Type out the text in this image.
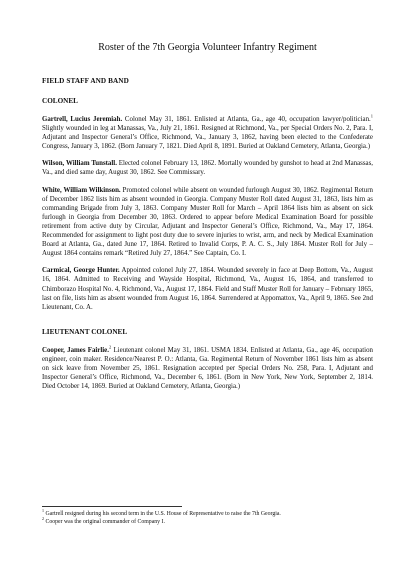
Roster of the 7th Georgia Volunteer Infantry Regiment
FIELD STAFF AND BAND
COLONEL

Gartrell, Lucius Jeremiah. Colonel May 31, 1861. Enlisted at Atlanta, Ga., age 40, occupation lawyer/politician.$^1$ Slightly wounded in leg at Manassas, Va., July 21, 1861. Resigned at Richmond, Va., per Special Orders No. 2, Para. I, Adjutant and Inspector General’s Office, Richmond, Va., January 3, 1862, having been elected to the Confederate Congress, January 3, 1862. (Born January 7, 1821. Died April 8, 1891. Buried at Oakland Cemetery, Atlanta, Georgia.)

Wilson, William Tunstall. Elected colonel February 13, 1862. Mortally wounded by gunshot to head at 2nd Manassas, Va., and died same day, August 30, 1862. See Commissary.

White, William Wilkinson. Promoted colonel while absent on wounded furlough August 30, 1862. Regimental Return of December 1862 lists him as absent wounded in Georgia. Company Muster Roll dated August 31, 1863, lists him as commanding Brigade from July 3, 1863. Company Muster Roll for March – April 1864 lists him as absent on sick furlough in Georgia from December 30, 1863. Ordered to appear before Medical Examination Board for possible retirement from active duty by Circular, Adjutant and Inspector General’s Office, Richmond, Va., May 17, 1864. Recommended for assignment to light post duty due to severe injuries to wrist, arm, and neck by Medical Examination Board at Atlanta, Ga., dated June 17, 1864. Retired to Invalid Corps, P. A. C. S., July 1864. Muster Roll for July – August 1864 contains remark “Retired July 27, 1864.” See Captain, Co. I.

Carmical, George Hunter. Appointed colonel July 27, 1864. Wounded severely in face at Deep Bottom, Va., August 16, 1864. Admitted to Receiving and Wayside Hospital, Richmond, Va., August 16, 1864, and transferred to Chimborazo Hospital No. 4, Richmond, Va., August 17, 1864. Field and Staff Muster Roll for January – February 1865, last on file, lists him as absent wounded from August 16, 1864. Surrendered at Appomattox, Va., April 9, 1865. See 2nd Lieutenant, Co. A.

LIEUTENANT COLONEL

Cooper, James Fairlie.$^2$ Lieutenant colonel May 31, 1861. USMA 1834. Enlisted at Atlanta, Ga., age 46, occupation engineer, coin maker. Residence/Nearest P. O.: Atlanta, Ga. Regimental Return of November 1861 lists him as absent on sick leave from November 25, 1861. Resignation accepted per Special Orders No. 258, Para. I, Adjutant and Inspector General’s Office, Richmond, Va., December 6, 1861. (Born in New York, New York, September 2, 1814. Died October 14, 1869. Buried at Oakland Cemetery, Atlanta, Georgia.)

$^1$ Gartrell resigned during his second term in the U.S. House of Representative to raise the 7th Georgia.
$^2$ Cooper was the original commander of Company I.
